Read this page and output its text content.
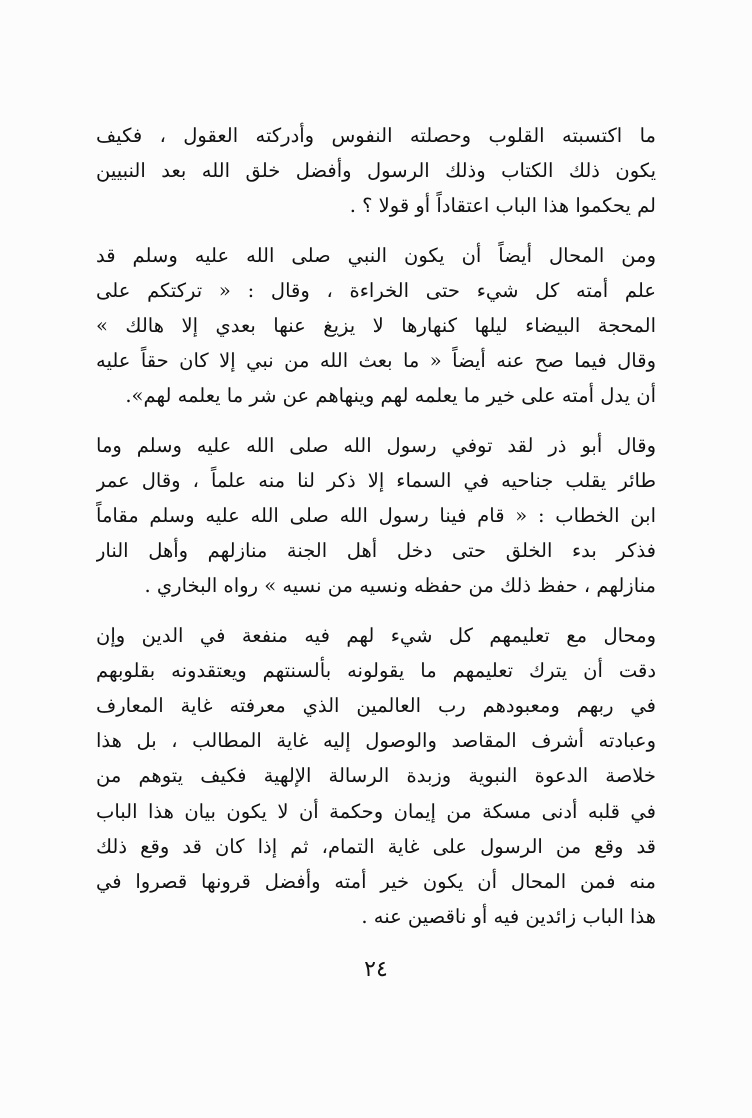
ما اكتسبته القلوب وحصلته النفوس وأدركته العقول ، فكيف
يكون ذلك الكتاب وذلك الرسول وأفضل خلق الله بعد النبيين
لم يحكموا هذا الباب اعتقاداً أو قولا ؟ .

ومن المحال أيضاً أن يكون النبي صلى الله عليه وسلم قد
علم أمته كل شيء حتى الخراءة ، وقال : « تركتكم على
المحجة البيضاء ليلها كنهارها لا يزيغ عنها بعدي إلا هالك »
وقال فيما صح عنه أيضاً « ما بعث الله من نبي إلا كان حقاً عليه
أن يدل أمته على خير ما يعلمه لهم وينهاهم عن شر ما يعلمه لهم».

وقال أبو ذر لقد توفي رسول الله صلى الله عليه وسلم وما
طائر يقلب جناحيه في السماء إلا ذكر لنا منه علماً ، وقال عمر
ابن الخطاب : « قام فينا رسول الله صلى الله عليه وسلم مقاماً
فذكر بدء الخلق حتى دخل أهل الجنة منازلهم وأهل النار
منازلهم ، حفظ ذلك من حفظه ونسيه من نسيه » رواه البخاري .

ومحال مع تعليمهم كل شيء لهم فيه منفعة في الدين وإن
دقت أن يترك تعليمهم ما يقولونه بألسنتهم ويعتقدونه بقلوبهم
في ربهم ومعبودهم رب العالمين الذي معرفته غاية المعارف
وعبادته أشرف المقاصد والوصول إليه غاية المطالب ، بل هذا
خلاصة الدعوة النبوية وزبدة الرسالة الإلهية فكيف يتوهم من
في قلبه أدنى مسكة من إيمان وحكمة أن لا يكون بيان هذا الباب
قد وقع من الرسول على غاية التمام، ثم إذا كان قد وقع ذلك
منه فمن المحال أن يكون خير أمته وأفضل قرونها قصروا في
هذا الباب زائدين فيه أو ناقصين عنه .

٢٤
